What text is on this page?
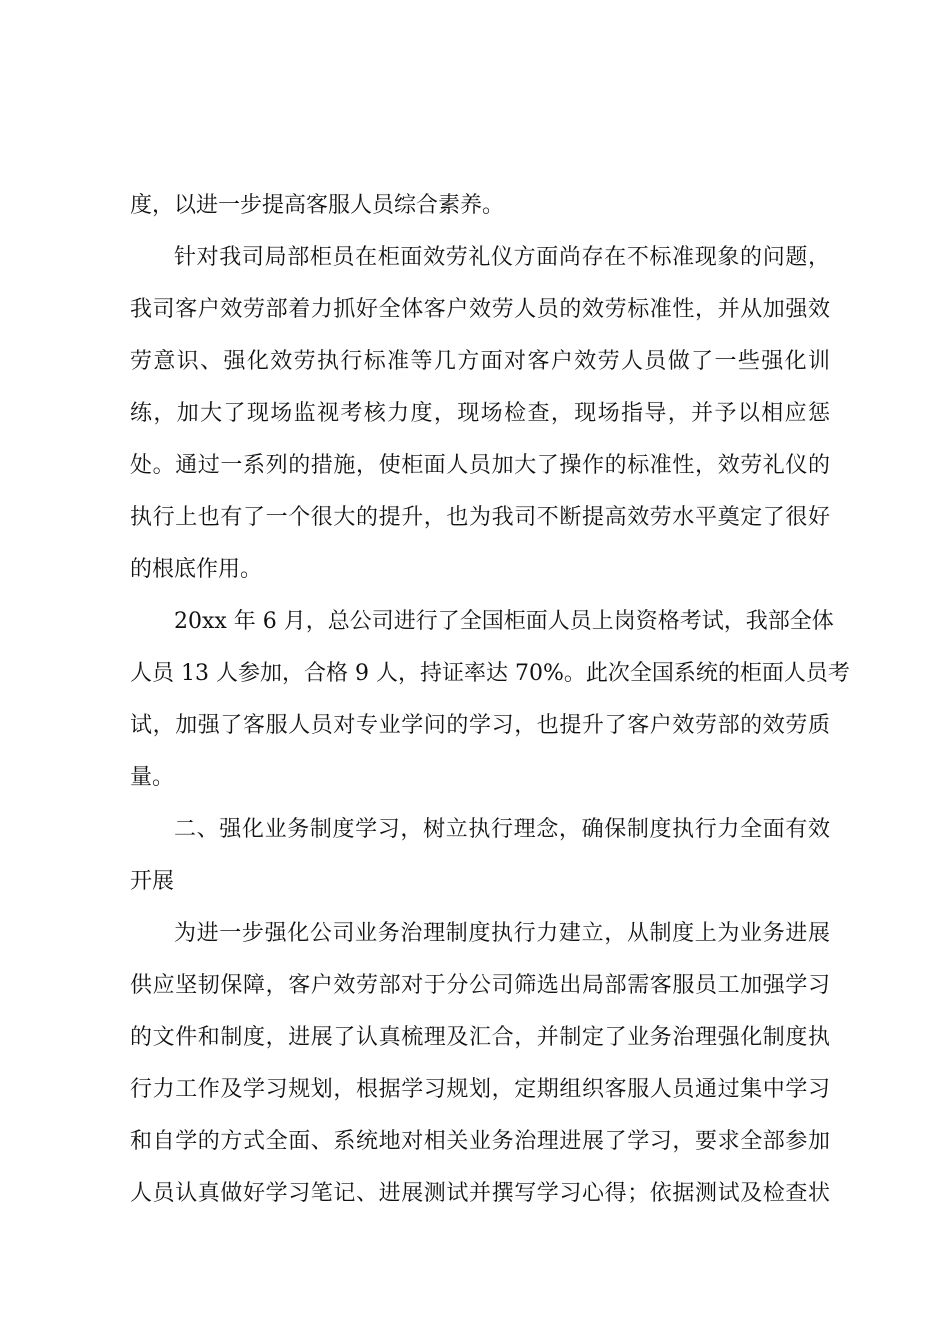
度，以进一步提高客服人员综合素养。
针对我司局部柜员在柜面效劳礼仪方面尚存在不标准现象的问题，
我司客户效劳部着力抓好全体客户效劳人员的效劳标准性，并从加强效
劳意识、强化效劳执行标准等几方面对客户效劳人员做了一些强化训
练，加大了现场监视考核力度，现场检查，现场指导，并予以相应惩
处。通过一系列的措施，使柜面人员加大了操作的标准性，效劳礼仪的
执行上也有了一个很大的提升，也为我司不断提高效劳水平奠定了很好
的根底作用。
20xx 年 6 月，总公司进行了全国柜面人员上岗资格考试，我部全体
人员 13 人参加，合格 9 人，持证率达 70%。此次全国系统的柜面人员考
试，加强了客服人员对专业学问的学习，也提升了客户效劳部的效劳质
量。
二、强化业务制度学习，树立执行理念，确保制度执行力全面有效
开展
为进一步强化公司业务治理制度执行力建立，从制度上为业务进展
供应坚韧保障，客户效劳部对于分公司筛选出局部需客服员工加强学习
的文件和制度，进展了认真梳理及汇合，并制定了业务治理强化制度执
行力工作及学习规划，根据学习规划，定期组织客服人员通过集中学习
和自学的方式全面、系统地对相关业务治理进展了学习，要求全部参加
人员认真做好学习笔记、进展测试并撰写学习心得；依据测试及检查状
